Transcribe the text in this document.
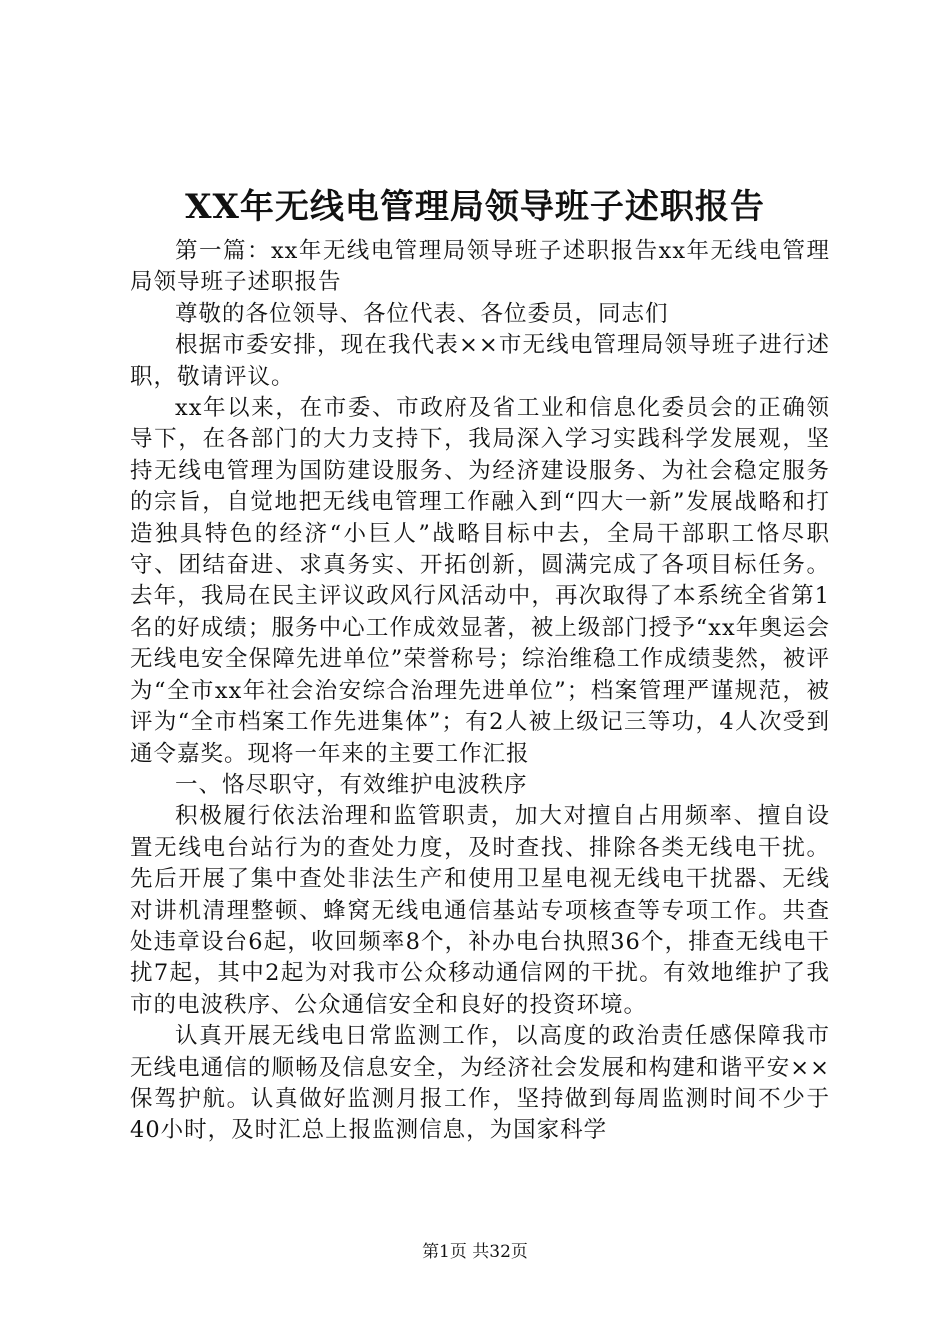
XX年无线电管理局领导班子述职报告

第一篇：xx年无线电管理局领导班子述职报告xx年无线电管理局领导班子述职报告

尊敬的各位领导、各位代表、各位委员，同志们

根据市委安排，现在我代表××市无线电管理局领导班子进行述职，敬请评议。

xx年以来，在市委、市政府及省工业和信息化委员会的正确领导下，在各部门的大力支持下，我局深入学习实践科学发展观，坚持无线电管理为国防建设服务、为经济建设服务、为社会稳定服务的宗旨，自觉地把无线电管理工作融入到“四大一新”发展战略和打造独具特色的经济“小巨人”战略目标中去，全局干部职工恪尽职守、团结奋进、求真务实、开拓创新，圆满完成了各项目标任务。去年，我局在民主评议政风行风活动中，再次取得了本系统全省第1名的好成绩；服务中心工作成效显著，被上级部门授予“xx年奥运会无线电安全保障先进单位”荣誉称号；综治维稳工作成绩斐然，被评为“全市xx年社会治安综合治理先进单位”；档案管理严谨规范，被评为“全市档案工作先进集体”；有2人被上级记三等功，4人次受到通令嘉奖。现将一年来的主要工作汇报

一、恪尽职守，有效维护电波秩序

积极履行依法治理和监管职责，加大对擅自占用频率、擅自设置无线电台站行为的查处力度，及时查找、排除各类无线电干扰。先后开展了集中查处非法生产和使用卫星电视无线电干扰器、无线对讲机清理整顿、蜂窝无线电通信基站专项核查等专项工作。共查处违章设台6起，收回频率8个，补办电台执照36个，排查无线电干扰7起，其中2起为对我市公众移动通信网的干扰。有效地维护了我市的电波秩序、公众通信安全和良好的投资环境。

认真开展无线电日常监测工作，以高度的政治责任感保障我市无线电通信的顺畅及信息安全，为经济社会发展和构建和谐平安××保驾护航。认真做好监测月报工作，坚持做到每周监测时间不少于40小时，及时汇总上报监测信息，为国家科学

第1页 共32页
